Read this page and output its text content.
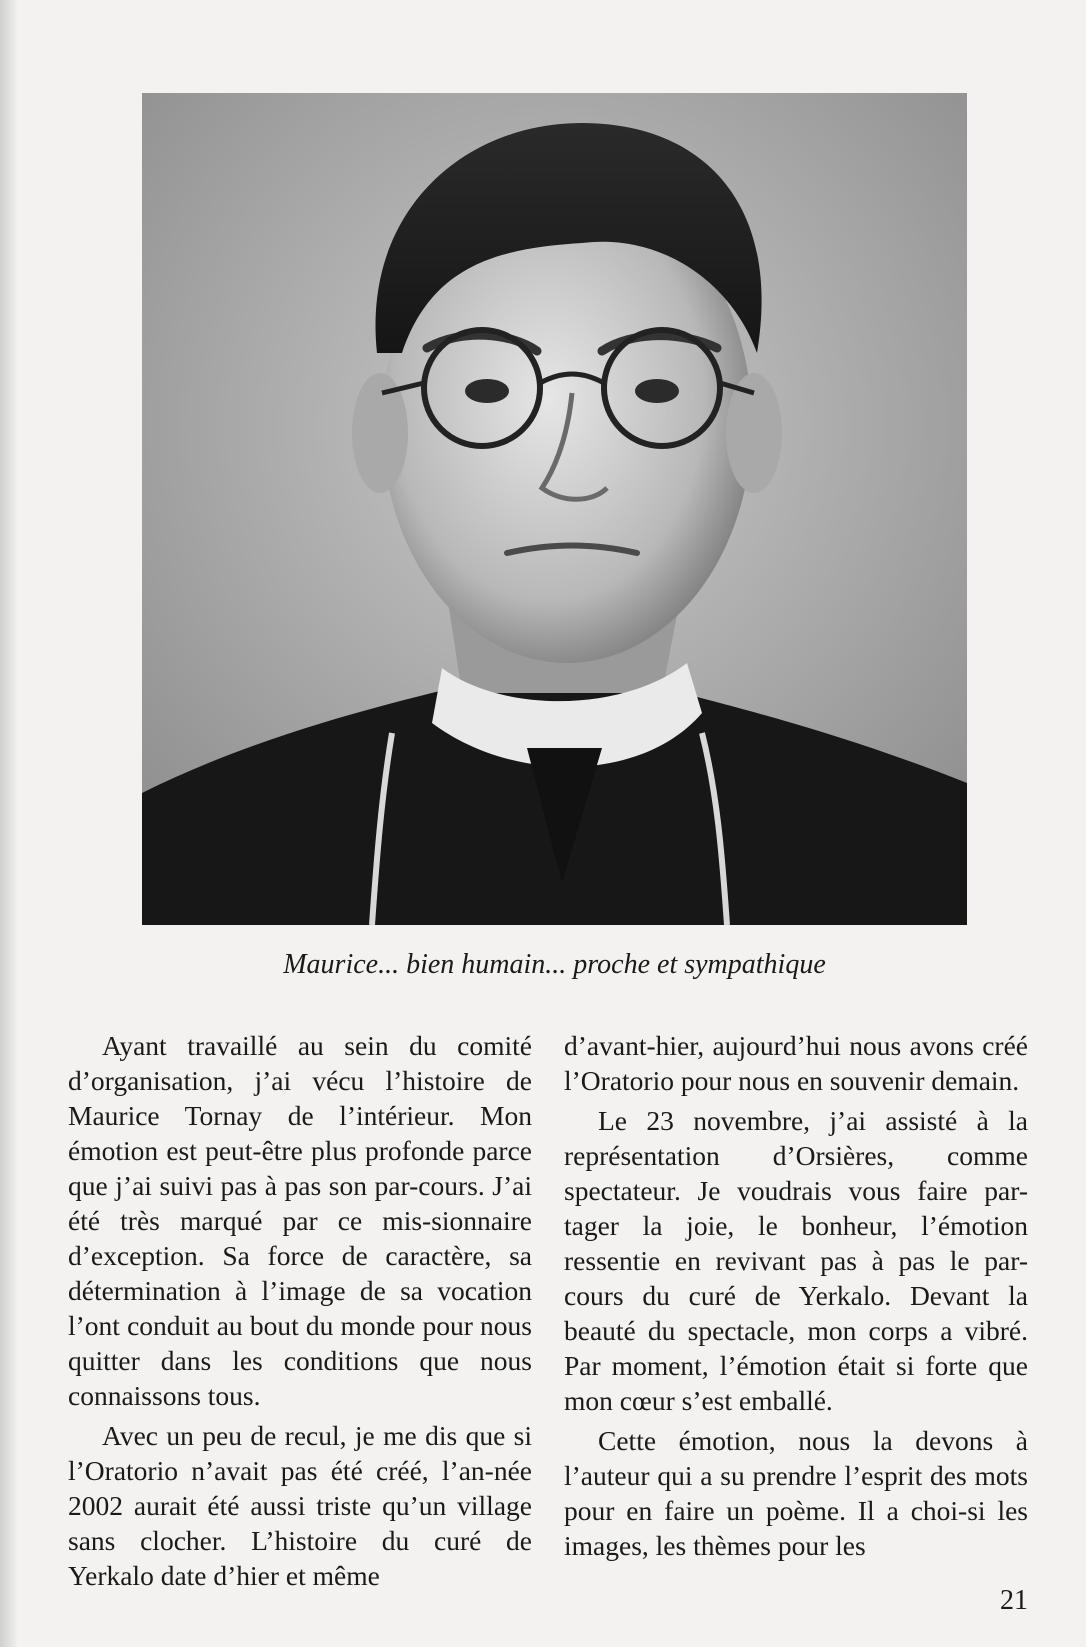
Maurice... bien humain... proche et sympathique

Ayant travaillé au sein du comité d’organisation, j’ai vécu l’histoire de Maurice Tornay de l’intérieur. Mon émotion est peut-être plus profonde parce que j’ai suivi pas à pas son par-cours. J’ai été très marqué par ce mis-sionnaire d’exception. Sa force de caractère, sa détermination à l’image de sa vocation l’ont conduit au bout du monde pour nous quitter dans les conditions que nous connaissons tous.

Avec un peu de recul, je me dis que si l’Oratorio n’avait pas été créé, l’an-née 2002 aurait été aussi triste qu’un village sans clocher. L’histoire du curé de Yerkalo date d’hier et même

d’avant-hier, aujourd’hui nous avons créé l’Oratorio pour nous en souvenir demain.

Le 23 novembre, j’ai assisté à la représentation d’Orsières, comme spectateur. Je voudrais vous faire par-tager la joie, le bonheur, l’émotion ressentie en revivant pas à pas le par-cours du curé de Yerkalo. Devant la beauté du spectacle, mon corps a vibré. Par moment, l’émotion était si forte que mon cœur s’est emballé.

Cette émotion, nous la devons à l’auteur qui a su prendre l’esprit des mots pour en faire un poème. Il a choi-si les images, les thèmes pour les

21
